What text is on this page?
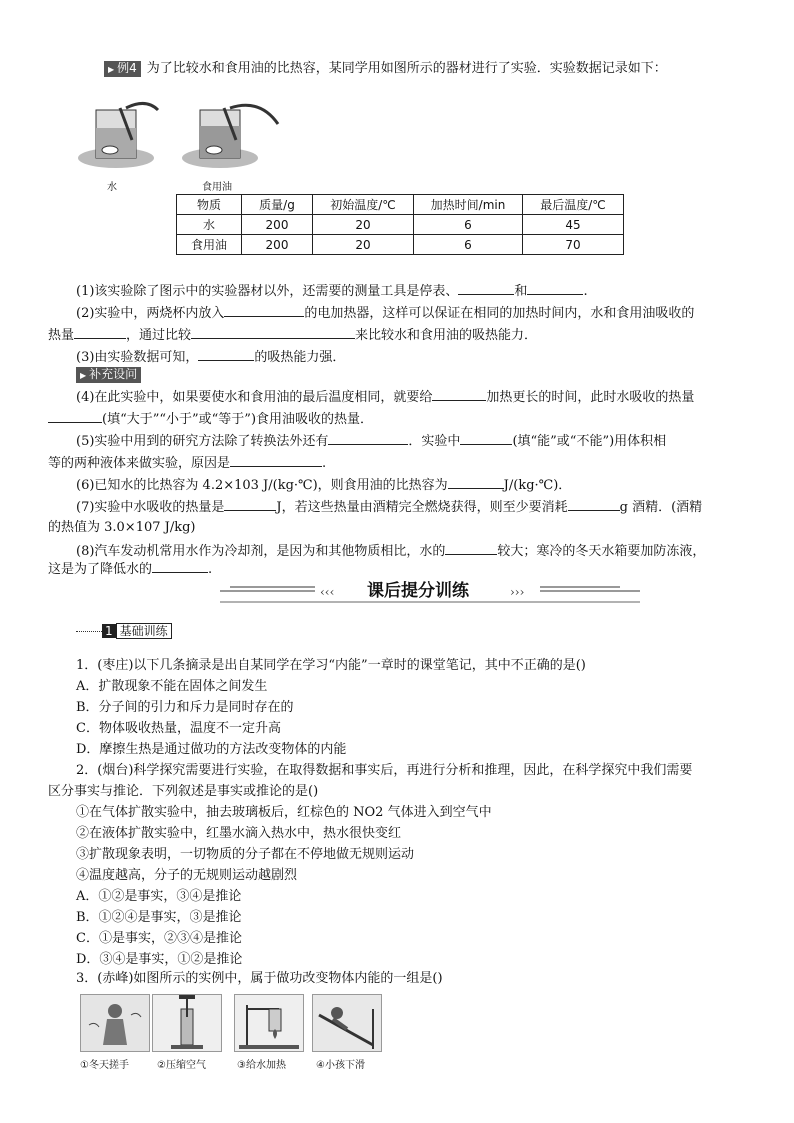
▶ 例4 为了比较水和食用油的比热容，某同学用如图所示的器材进行了实验．实验数据记录如下：
水	食用油
物质	质量/g	初始温度/℃	加热时间/min	最后温度/℃
水	200	20	6	45
食用油	200	20	6	70
(1)该实验除了图示中的实验器材以外，还需要的测量工具是停表、	和	.
(2)实验中，两烧杯内放入	的电加热器，这样可以保证在相同的加热时间内，水和食用油吸收的
热量	，通过比较	来比较水和食用油的吸热能力．
(3)由实验数据可知，	的吸热能力强．
▶ 补充设问
(4)在此实验中，如果要使水和食用油的最后温度相同，就要给	加热更长的时间，此时水吸收的热量
(填“大于”“小于”或“等于”)食用油吸收的热量．
(5)实验中用到的研究方法除了转换法外还有	．实验中	(填“能”或“不能”)用体积相
等的两种液体来做实验，原因是	.
(6)已知水的比热容为 4.2×103 J/(kg·℃)，则食用油的比热容为	J/(kg·℃)．
(7)实验中水吸收的热量是	J，若这些热量由酒精完全燃烧获得，则至少要消耗	g 酒精．(酒精
的热值为 3.0×107 J/kg)
(8)汽车发动机常用水作为冷却剂，是因为和其他物质相比，水的	较大；寒冷的冬天水箱要加防冻液，
这是为了降低水的	.
‹‹‹	›››
课后提分训练
1 基础训练
1．(枣庄)以下几条摘录是出自某同学在学习“内能”一章时的课堂笔记，其中不正确的是()
A．扩散现象不能在固体之间发生
B．分子间的引力和斥力是同时存在的
C．物体吸收热量，温度不一定升高
D．摩擦生热是通过做功的方法改变物体的内能
2．(烟台)科学探究需要进行实验，在取得数据和事实后，再进行分析和推理，因此，在科学探究中我们需要
区分事实与推论．下列叙述是事实或推论的是()
①在气体扩散实验中，抽去玻璃板后，红棕色的 NO2 气体进入到空气中
②在液体扩散实验中，红墨水滴入热水中，热水很快变红
③扩散现象表明，一切物质的分子都在不停地做无规则运动
④温度越高，分子的无规则运动越剧烈
A．①②是事实，③④是推论
B．①②④是事实，③是推论
C．①是事实，②③④是推论
D．③④是事实，①②是推论
3．(赤峰)如图所示的实例中，属于做功改变物体内能的一组是()
①冬天搓手	②压缩空气	③给水加热	④小孩下滑
